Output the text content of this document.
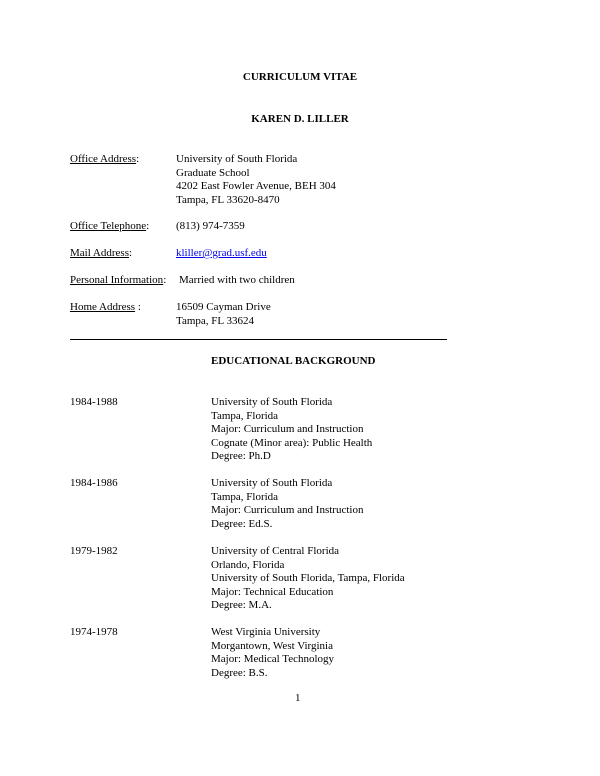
CURRICULUM VITAE
KAREN D. LILLER
Office Address:	University of South Florida
Graduate School
4202 East Fowler Avenue, BEH 304
Tampa, FL 33620-8470
Office Telephone: (813) 974-7359
Mail Address:	kliller@grad.usf.edu
Personal Information: Married with two children
Home Address :	16509 Cayman Drive
Tampa, FL 33624
EDUCATIONAL BACKGROUND
1984-1988	University of South Florida
Tampa, Florida
Major: Curriculum and Instruction
Cognate (Minor area): Public Health
Degree: Ph.D
1984-1986	University of South Florida
Tampa, Florida
Major: Curriculum and Instruction
Degree: Ed.S.
1979-1982	University of Central Florida
Orlando, Florida
University of South Florida, Tampa, Florida
Major: Technical Education
Degree: M.A.
1974-1978	West Virginia University
Morgantown, West Virginia
Major: Medical Technology
Degree: B.S.
1
